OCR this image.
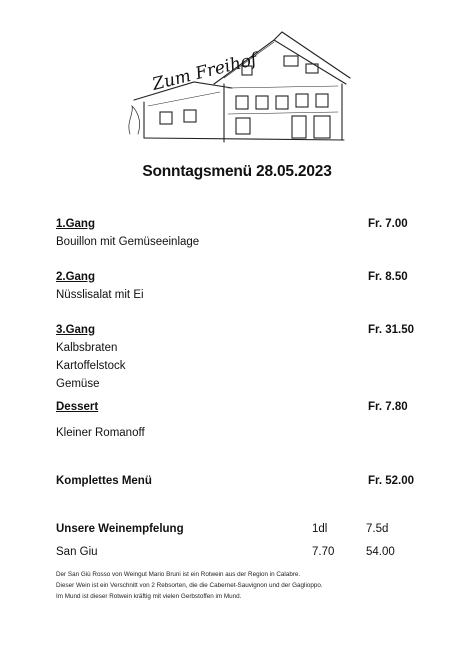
Zum Freihof
Sonntagsmenü 28.05.2023
1.Gang	Fr. 7.00
Bouillon mit Gemüseeinlage
2.Gang	Fr. 8.50
Nüsslisalat mit Ei
3.Gang	Fr. 31.50
Kalbsbraten
Kartoffelstock
Gemüse
Dessert	Fr. 7.80
Kleiner Romanoff
Komplettes Menü	Fr. 52.00
Unsere Weinempfelung	1dl	7.5d
San Giu	7.70	54.00
Der San Giù Rosso von Weingut Mario Bruni ist ein Rotwein aus der Region in Calabre.
Dieser Wein ist ein Verschnitt von 2 Rebsorten, die die Cabernet-Sauvignon und der Gaglioppo.
Im Mund ist dieser Rotwein kräftig mit vielen Gerbstoffen im Mund.
